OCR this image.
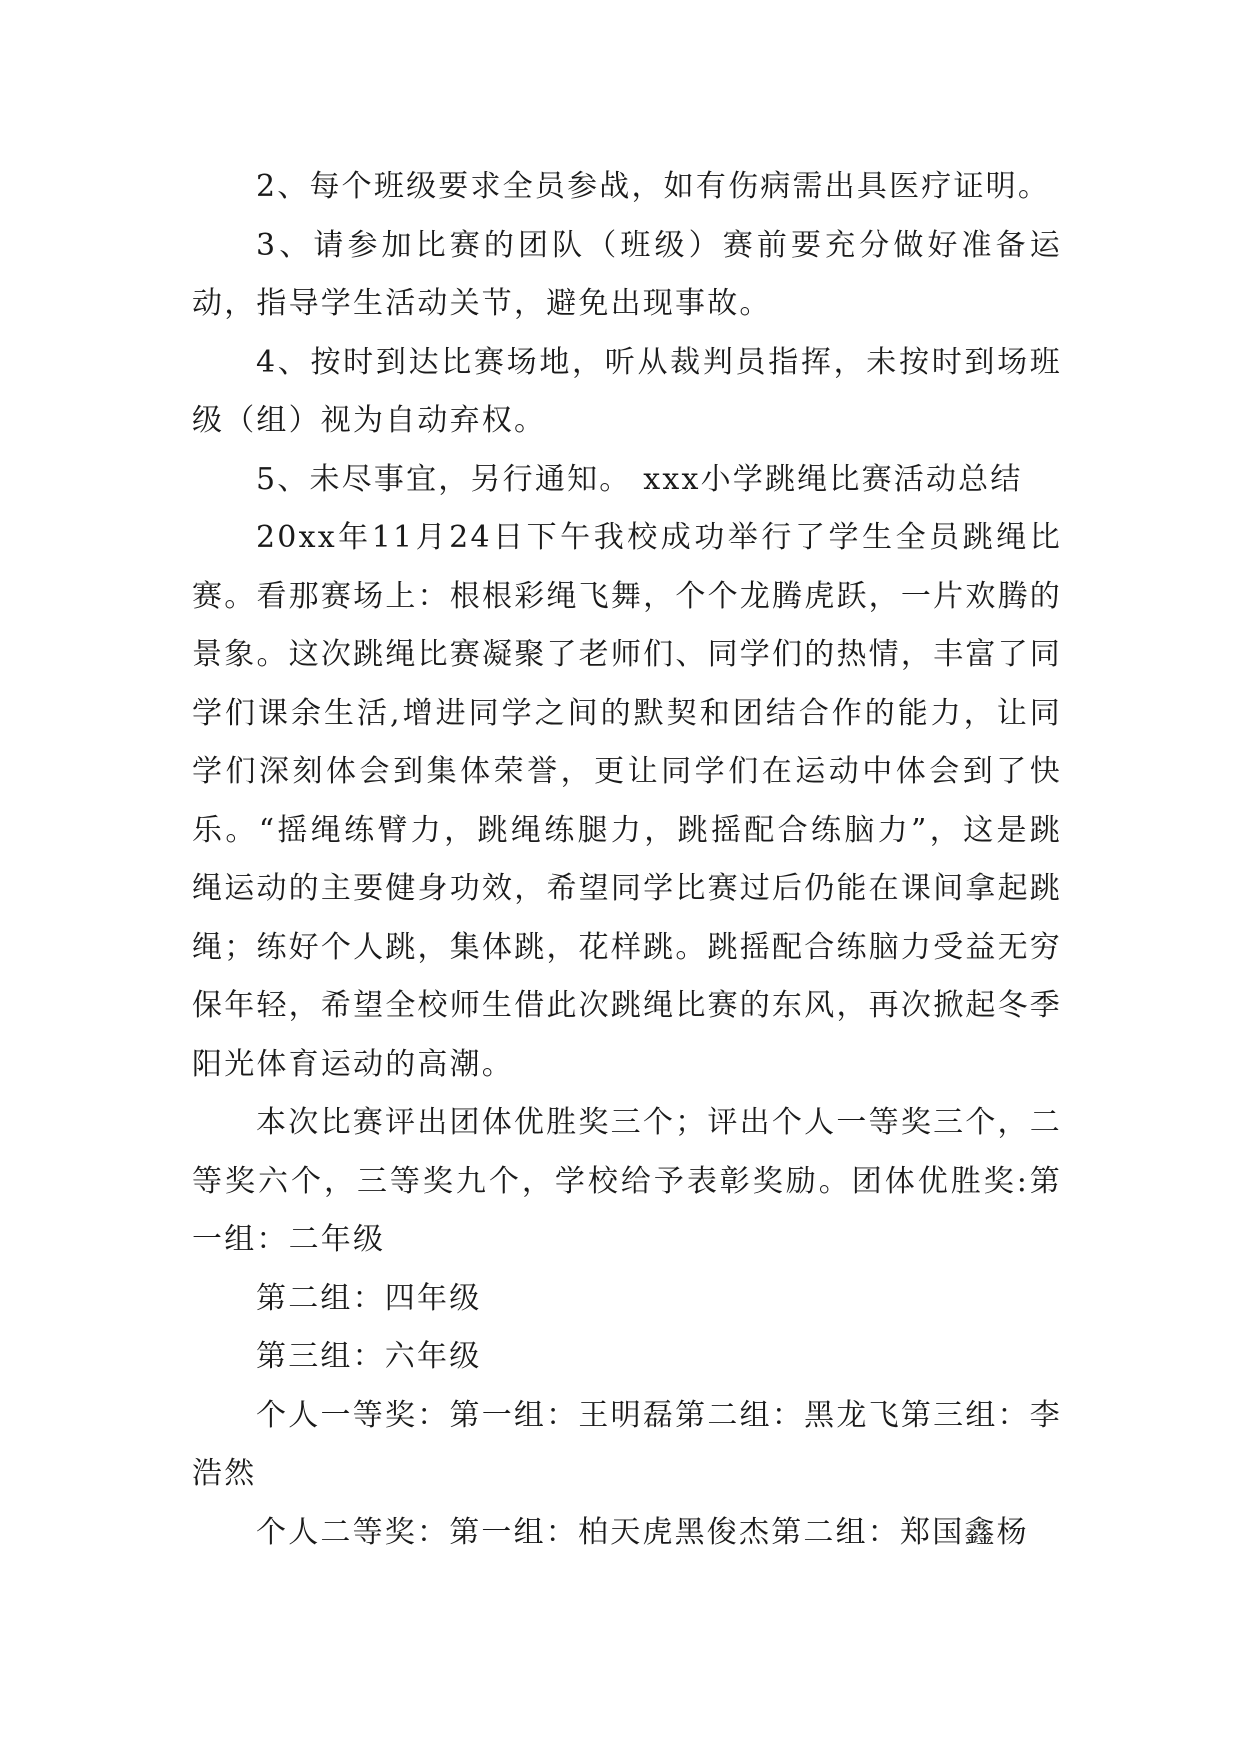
2、每个班级要求全员参战，如有伤病需出具医疗证明。

3、请参加比赛的团队（班级）赛前要充分做好准备运动，指导学生活动关节，避免出现事故。

4、按时到达比赛场地，听从裁判员指挥，未按时到场班级（组）视为自动弃权。

5、未尽事宜，另行通知。 xxx小学跳绳比赛活动总结

20xx年11月24日下午我校成功举行了学生全员跳绳比赛。看那赛场上：根根彩绳飞舞，个个龙腾虎跃，一片欢腾的景象。这次跳绳比赛凝聚了老师们、同学们的热情，丰富了同学们课余生活,增进同学之间的默契和团结合作的能力，让同学们深刻体会到集体荣誉，更让同学们在运动中体会到了快乐。“摇绳练臂力，跳绳练腿力，跳摇配合练脑力”，这是跳绳运动的主要健身功效，希望同学比赛过后仍能在课间拿起跳绳；练好个人跳，集体跳，花样跳。跳摇配合练脑力受益无穷保年轻，希望全校师生借此次跳绳比赛的东风，再次掀起冬季阳光体育运动的高潮。

本次比赛评出团体优胜奖三个；评出个人一等奖三个，二等奖六个，三等奖九个，学校给予表彰奖励。团体优胜奖:第一组：二年级

第二组：四年级

第三组：六年级

个人一等奖：第一组：王明磊第二组：黑龙飞第三组：李浩然

个人二等奖：第一组：柏天虎黑俊杰第二组：郑国鑫杨
